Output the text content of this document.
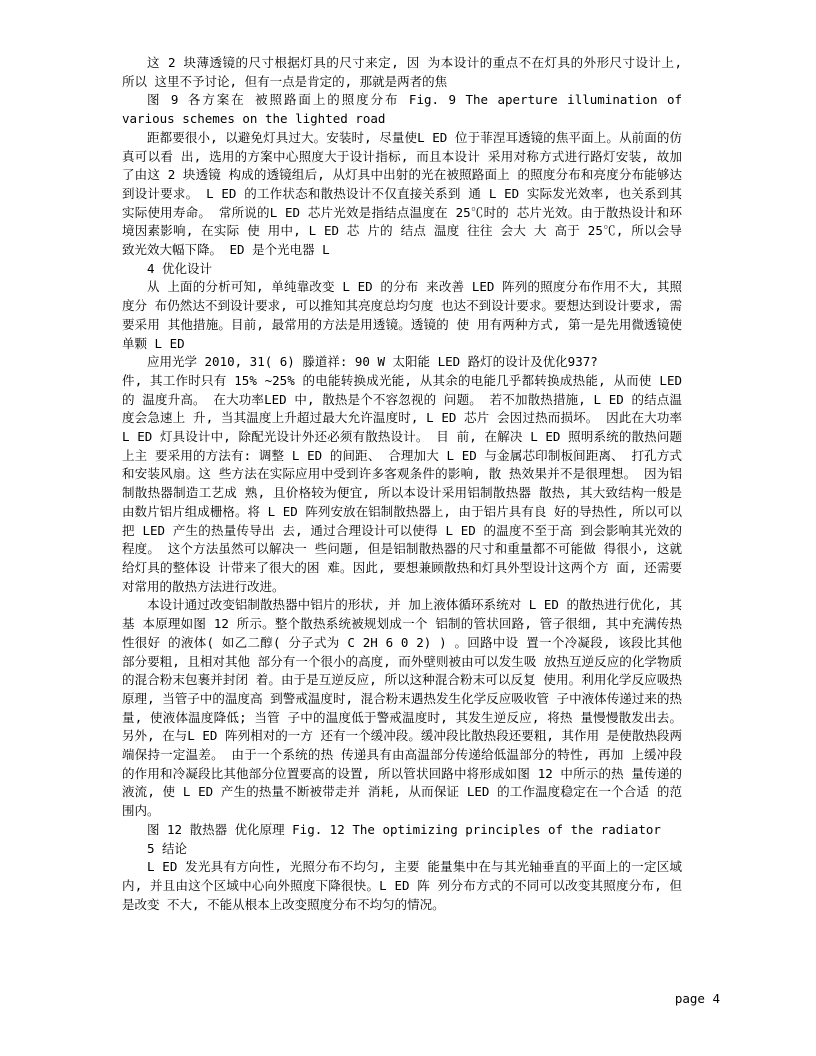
这 2 块薄透镜的尺寸根据灯具的尺寸来定, 因 为本设计的重点不在灯具的外形尺寸设计上, 所以 这里不予讨论, 但有一点是肯定的, 那就是两者的焦

图 9 各方案在 被照路面上的照度分布 Fig. 9 The aperture illumination of various schemes on the lighted road

距都要很小, 以避免灯具过大。安装时, 尽量使L ED 位于菲涅耳透镜的焦平面上。从前面的仿真可以看 出, 选用的方案中心照度大于设计指标, 而且本设计 采用对称方式进行路灯安装, 故加了由这 2 块透镜 构成的透镜组后, 从灯具中出射的光在被照路面上 的照度分布和亮度分布能够达到设计要求。 L ED 的工作状态和散热设计不仅直接关系到 通 L ED 实际发光效率, 也关系到其实际使用寿命。 常所说的L ED 芯片光效是指结点温度在 25℃时的 芯片光效。由于散热设计和环境因素影响, 在实际 使 用中, L ED 芯 片的 结点 温度 往往 会大 大 高于 25℃, 所以会导致光效大幅下降。 ED 是个光电器 L

4 优化设计

从 上面的分析可知, 单纯靠改变 L ED 的分布 来改善 LED 阵列的照度分布作用不大, 其照度分 布仍然达不到设计要求, 可以推知其亮度总均匀度 也达不到设计要求。要想达到设计要求, 需要采用 其他措施。目前, 最常用的方法是用透镜。透镜的 使 用有两种方式, 第一是先用微透镜使单颗 L ED

应用光学 2010, 31( 6) 滕道祥: 90 W 太阳能 LED 路灯的设计及优化937?

件, 其工作时只有 15% ~25% 的电能转换成光能, 从其余的电能几乎都转换成热能, 从而使 LED 的 温度升高。 在大功率LED 中, 散热是个不容忽视的 问题。 若不加散热措施, L ED 的结点温度会急速上 升, 当其温度上升超过最大允许温度时, L ED 芯片 会因过热而损坏。 因此在大功率 L ED 灯具设计中, 除配光设计外还必须有散热设计。 目 前, 在解决 L ED 照明系统的散热问题上主 要采用的方法有: 调整 L ED 的间距、 合理加大 L ED 与金属芯印制板间距离、 打孔方式和安装风扇。这 些方法在实际应用中受到许多客观条件的影响, 散 热效果并不是很理想。 因为铝制散热器制造工艺成 熟, 且价格较为便宜, 所以本设计采用铝制散热器 散热, 其大致结构一般是由数片铝片组成栅格。将 L ED 阵列安放在铝制散热器上, 由于铝片具有良 好的导热性, 所以可以把 LED 产生的热量传导出 去, 通过合理设计可以使得 L ED 的温度不至于高 到会影响其光效的程度。 这个方法虽然可以解决一 些问题, 但是铝制散热器的尺寸和重量都不可能做 得很小, 这就给灯具的整体设 计带来了很大的困 难。因此, 要想兼顾散热和灯具外型设计这两个方 面, 还需要对常用的散热方法进行改进。

本设计通过改变铝制散热器中铝片的形状, 并 加上液体循环系统对 L ED 的散热进行优化, 其基 本原理如图 12 所示。整个散热系统被规划成一个 铝制的管状回路, 管子很细, 其中充满传热性很好 的液体( 如乙二醇( 分子式为 C 2H 6 0 2) ) 。回路中设 置一个冷凝段, 该段比其他部分要粗, 且相对其他 部分有一个很小的高度, 而外壁则被由可以发生吸 放热互逆反应的化学物质的混合粉末包裹并封闭 着。由于是互逆反应, 所以这种混合粉末可以反复 使用。利用化学反应吸热原理, 当管子中的温度高 到警戒温度时, 混合粉末遇热发生化学反应吸收管 子中液体传递过来的热量, 使液体温度降低; 当管 子中的温度低于警戒温度时, 其发生逆反应, 将热 量慢慢散发出去。 另外, 在与L ED 阵列相对的一方 还有一个缓冲段。缓冲段比散热段还要粗, 其作用 是使散热段两端保持一定温差。 由于一个系统的热 传递具有由高温部分传递给低温部分的特性, 再加 上缓冲段的作用和冷凝段比其他部分位置要高的设置, 所以管状回路中将形成如图 12 中所示的热 量传递的液流, 使 L ED 产生的热量不断被带走并 消耗, 从而保证 LED 的工作温度稳定在一个合适 的范围内。

图 12 散热器 优化原理 Fig. 12 The optimizing principles of the radiator

5 结论

L ED 发光具有方向性, 光照分布不均匀, 主要 能量集中在与其光轴垂直的平面上的一定区域内, 并且由这个区域中心向外照度下降很快。L ED 阵 列分布方式的不同可以改变其照度分布, 但是改变 不大, 不能从根本上改变照度分布不均匀的情况。

page 4
